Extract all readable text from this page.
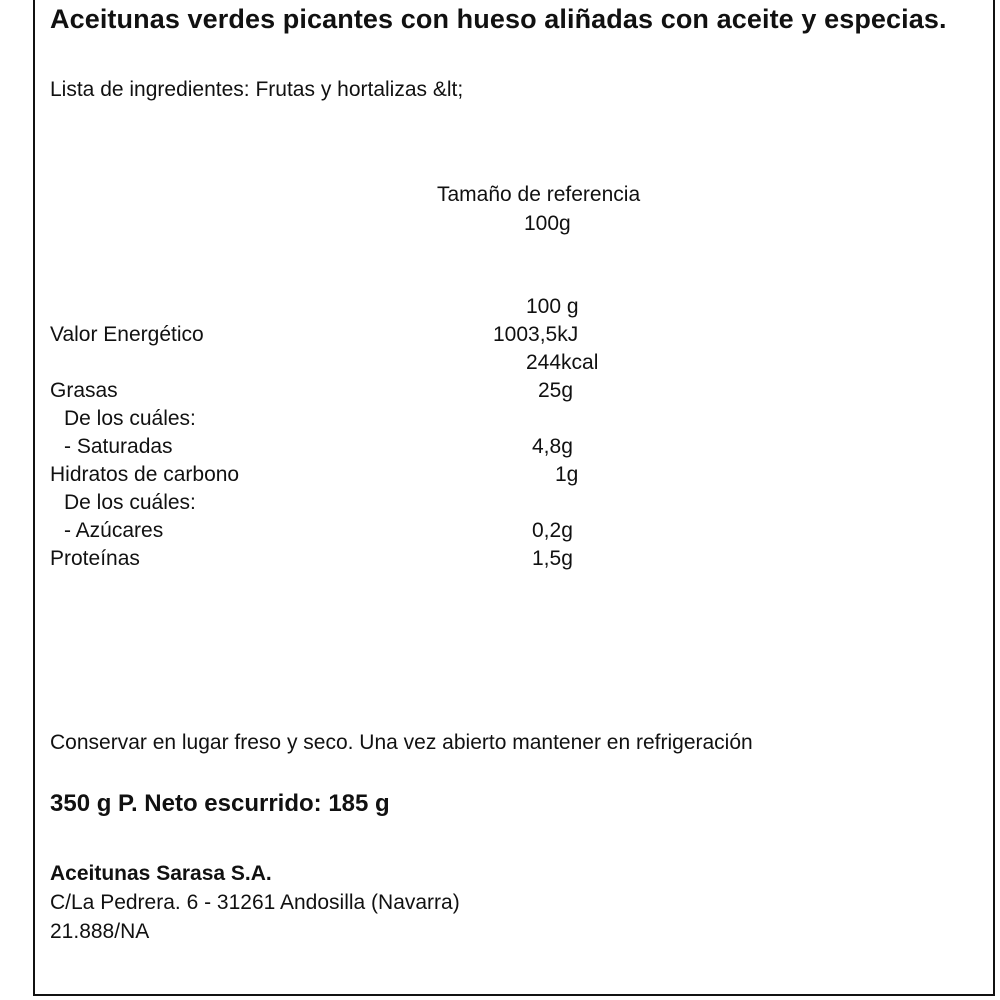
Aceitunas verdes picantes con hueso aliñadas con aceite y especias.
Lista de ingredientes: Frutas y hortalizas &lt;
Tamaño de referencia
100g
100 g
Valor Energético	1003,5kJ
244kcal
Grasas	25g
De los cuáles:
- Saturadas	4,8g
Hidratos de carbono	1g
De los cuáles:
- Azúcares	0,2g
Proteínas	1,5g
Conservar en lugar freso y seco. Una vez abierto mantener en refrigeración
350 g P. Neto escurrido: 185 g
Aceitunas Sarasa S.A.
C/La Pedrera. 6 - 31261 Andosilla (Navarra)
21.888/NA
